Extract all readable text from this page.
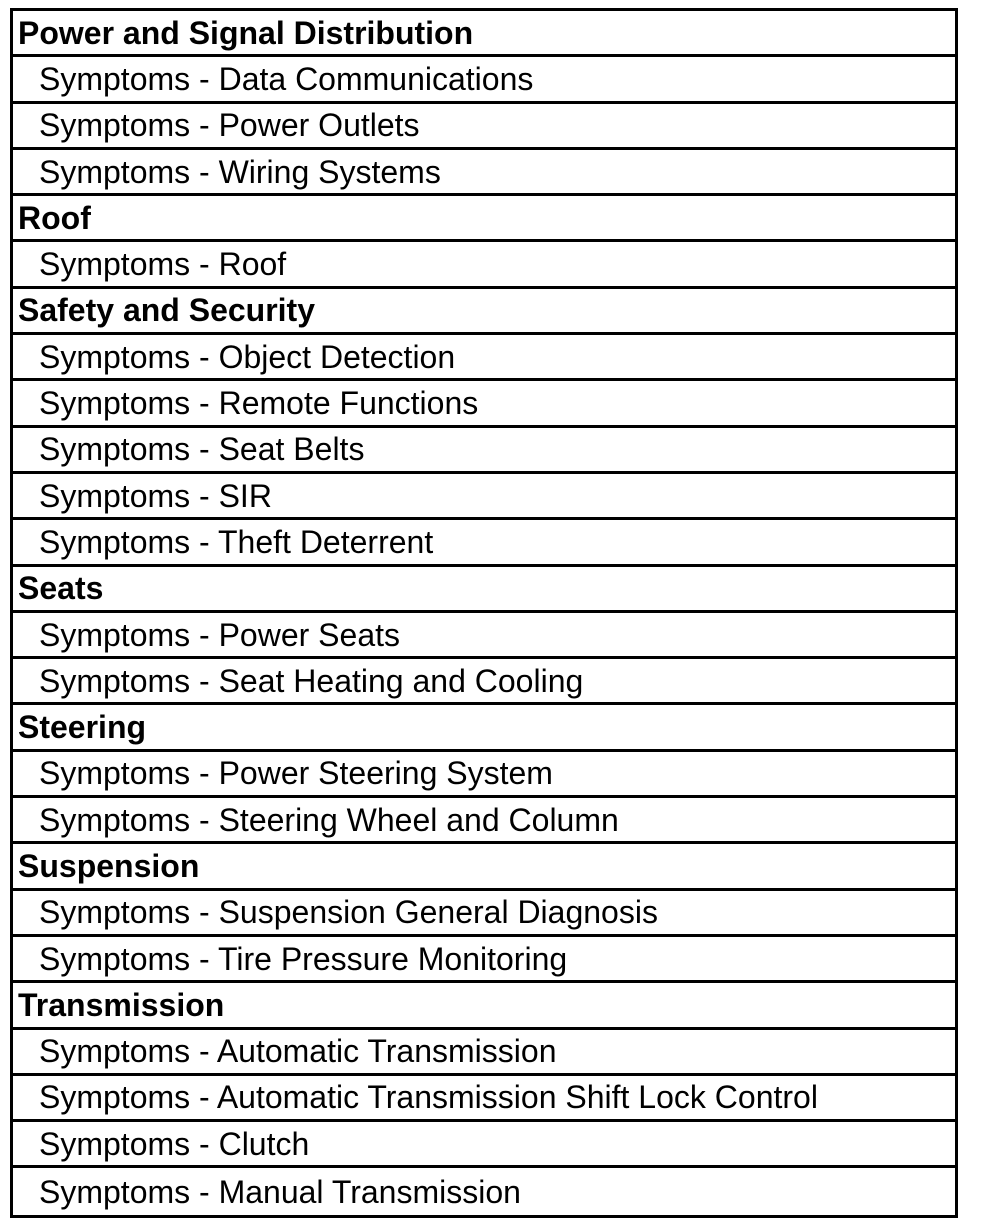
Power and Signal Distribution
Symptoms - Data Communications
Symptoms - Power Outlets
Symptoms - Wiring Systems
Roof
Symptoms - Roof
Safety and Security
Symptoms - Object Detection
Symptoms - Remote Functions
Symptoms - Seat Belts
Symptoms - SIR
Symptoms - Theft Deterrent
Seats
Symptoms - Power Seats
Symptoms - Seat Heating and Cooling
Steering
Symptoms - Power Steering System
Symptoms - Steering Wheel and Column
Suspension
Symptoms - Suspension General Diagnosis
Symptoms - Tire Pressure Monitoring
Transmission
Symptoms - Automatic Transmission
Symptoms - Automatic Transmission Shift Lock Control
Symptoms - Clutch
Symptoms - Manual Transmission
